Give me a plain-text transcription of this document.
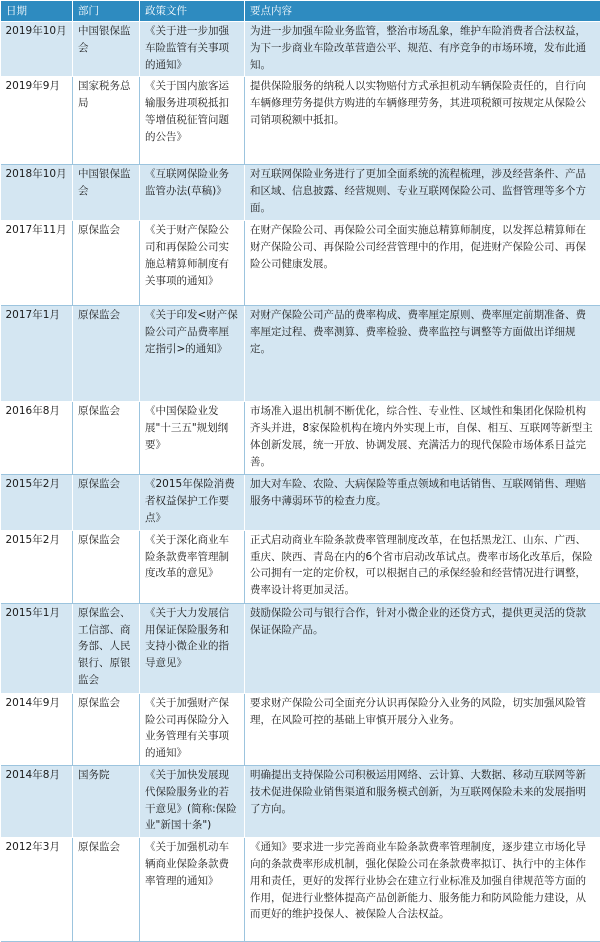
日期	部门	政策文件	要点内容
2019年10月	中国银保监会	《关于进一步加强车险监管有关事项的通知》	为进一步加强车险业务监管，整治市场乱象，维护车险消费者合法权益，为下一步商业车险改革营造公平、规范、有序竞争的市场环境，发布此通知。
2019年9月	国家税务总局	《关于国内旅客运输服务进项税抵扣等增值税征管问题的公告》	提供保险服务的纳税人以实物赔付方式承担机动车辆保险责任的，自行向车辆修理劳务提供方购进的车辆修理劳务，其进项税额可按规定从保险公司销项税额中抵扣。
2018年10月	中国银保监会	《互联网保险业务监管办法(草稿)》	对互联网保险业务进行了更加全面系统的流程梳理，涉及经营条件、产品和区域、信息披露、经营规则、专业互联网保险公司、监督管理等多个方面。
2017年11月	原保监会	《关于财产保险公司和再保险公司实施总精算师制度有关事项的通知》	在财产保险公司、再保险公司全面实施总精算师制度，以发挥总精算师在财产保险公司、再保险公司经营管理中的作用，促进财产保险公司、再保险公司健康发展。
2017年1月	原保监会	《关于印发<财产保险公司产品费率厘定指引>的通知》	对财产保险公司产品的费率构成、费率厘定原则、费率厘定前期准备、费率厘定过程、费率测算、费率检验、费率监控与调整等方面做出详细规定。
2016年8月	原保监会	《中国保险业发展"十三五"规划纲要》	市场准入退出机制不断优化，综合性、专业性、区域性和集团化保险机构齐头并进，8家保险机构在境内外实现上市，自保、相互、互联网等新型主体创新发展，统一开放、协调发展、充满活力的现代保险市场体系日益完善。
2015年2月	原保监会	《2015年保险消费者权益保护工作要点》	加大对车险、农险、大病保险等重点领域和电话销售、互联网销售、理赔服务中薄弱环节的检查力度。
2015年2月	原保监会	《关于深化商业车险条款费率管理制度改革的意见》	正式启动商业车险条款费率管理制度改革，在包括黑龙江、山东、广西、重庆、陕西、青岛在内的6个省市启动改革试点。费率市场化改革后，保险公司拥有一定的定价权，可以根据自己的承保经验和经营情况进行调整，费率设计将更加灵活。
2015年1月	原保监会、工信部、商务部、人民银行、原银监会	《关于大力发展信用保证保险服务和支持小微企业的指导意见》	鼓励保险公司与银行合作，针对小微企业的还贷方式，提供更灵活的贷款保证保险产品。
2014年9月	原保监会	《关于加强财产保险公司再保险分入业务管理有关事项的通知》	要求财产保险公司全面充分认识再保险分入业务的风险，切实加强风险管理，在风险可控的基础上审慎开展分入业务。
2014年8月	国务院	《关于加快发展现代保险服务业的若干意见》(简称:保险业"新国十条")	明确提出支持保险公司积极运用网络、云计算、大数据、移动互联网等新技术促进保险业销售渠道和服务模式创新，为互联网保险未来的发展指明了方向。
2012年3月	原保监会	《关于加强机动车辆商业保险条款费率管理的通知》	《通知》要求进一步完善商业车险条款费率管理制度，逐步建立市场化导向的条款费率形成机制，强化保险公司在条款费率拟订、执行中的主体作用和责任，更好的发挥行业协会在建立行业标准及加强自律规范等方面的作用，促进行业整体提高产品创新能力、服务能力和防风险能力建设，从而更好的维护投保人、被保险人合法权益。
